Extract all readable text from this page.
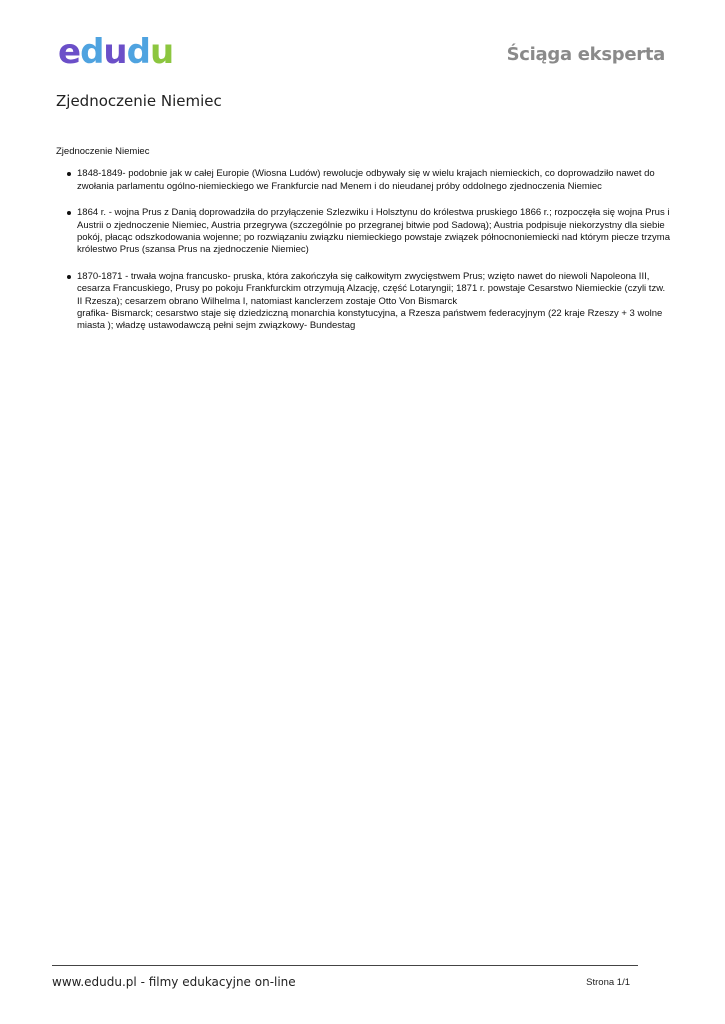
e d u d u	Ściąga eksperta
Zjednoczenie Niemiec

Zjednoczenie Niemiec

1848-1849- podobnie jak w całej Europie (Wiosna Ludów) rewolucje odbywały się w wielu krajach niemieckich, co doprowadziło nawet do zwołania parlamentu ogólno-niemieckiego we Frankfurcie nad Menem i do nieudanej próby oddolnego zjednoczenia Niemiec
1864 r. - wojna Prus z Danią doprowadziła do przyłączenie Szlezwiku i Holsztynu do królestwa pruskiego 1866 r.; rozpoczęła się wojna Prus i Austrii o zjednoczenie Niemiec, Austria przegrywa (szczególnie po przegranej bitwie pod Sadową); Austria podpisuje niekorzystny dla siebie pokój, płacąc odszkodowania wojenne; po rozwiązaniu związku niemieckiego powstaje związek północnoniemiecki nad którym piecze trzyma królestwo Prus (szansa Prus na zjednoczenie Niemiec)
1870-1871 - trwała wojna francusko- pruska, która zakończyła się całkowitym zwycięstwem Prus; wzięto nawet do niewoli Napoleona III, cesarza Francuskiego, Prusy po pokoju Frankfurckim otrzymują Alzację, część Lotaryngii; 1871 r. powstaje Cesarstwo Niemieckie (czyli tzw. II Rzesza); cesarzem obrano Wilhelma I, natomiast kanclerzem zostaje Otto Von Bismarck
grafika- Bismarck; cesarstwo staje się dziedziczną monarchia konstytucyjna, a Rzesza państwem federacyjnym (22 kraje Rzeszy + 3 wolne miasta ); władzę ustawodawczą pełni sejm związkowy- Bundestag
www.edudu.pl - filmy edukacyjne on-line	Strona 1/1
